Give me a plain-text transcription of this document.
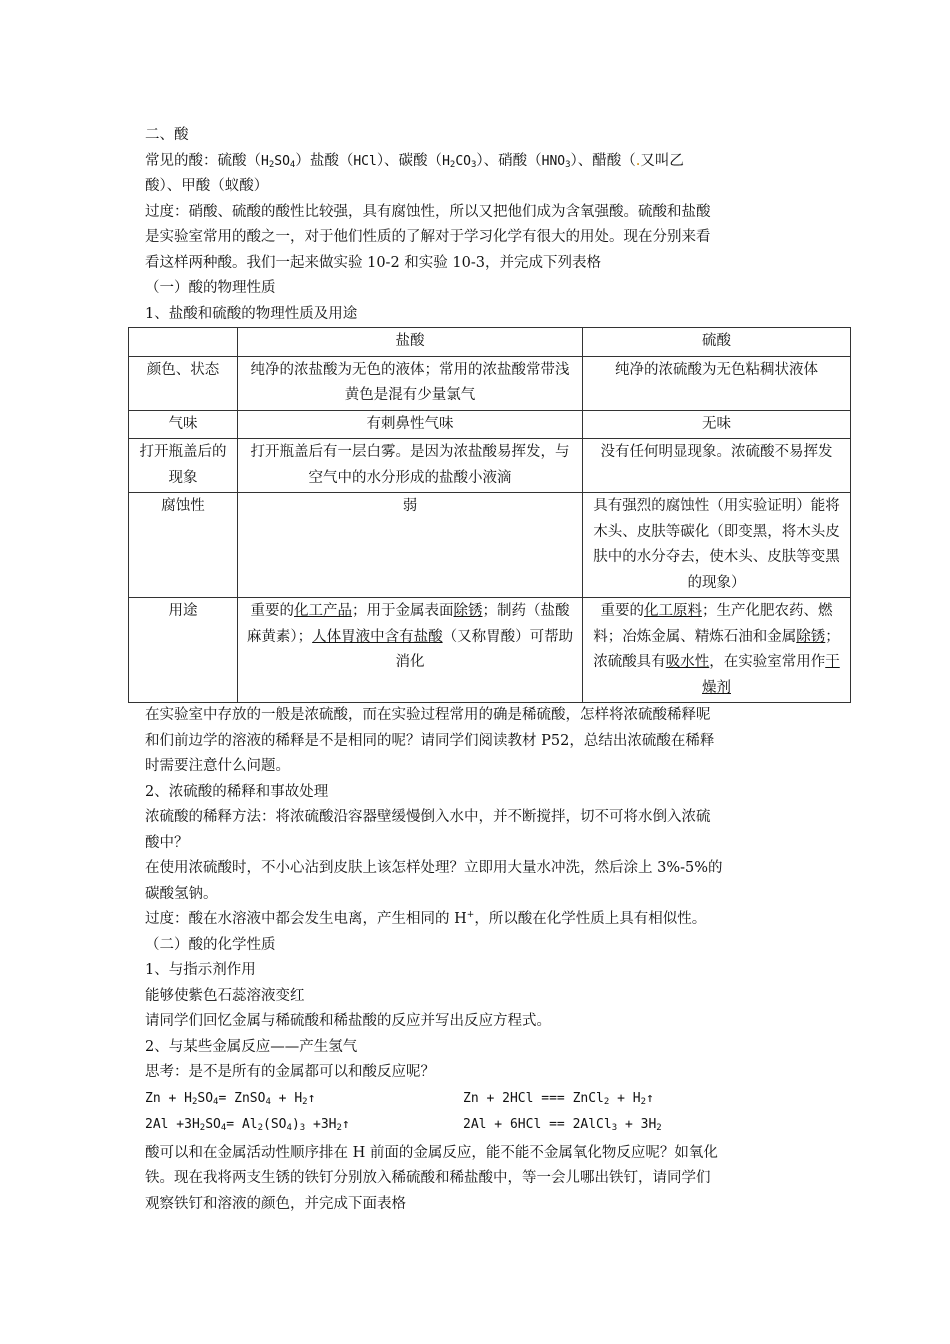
二、酸

常见的酸：硫酸$(H_2SO_4)$盐酸（HCl）、碳酸$(H_2CO_3)$、硝酸$(HNO_3)$、醋酸（.又叫乙

酸）、甲酸（蚁酸）

过度：硝酸、硫酸的酸性比较强，具有腐蚀性，所以又把他们成为含氧强酸。硫酸和盐酸

是实验室常用的酸之一，对于他们性质的了解对于学习化学有很大的用处。现在分别来看

看这样两种酸。我们一起来做实验 10-2 和实验 10-3，并完成下列表格

（一）酸的物理性质

1、盐酸和硫酸的物理性质及用途

	盐酸	硫酸
颜色、状态	纯净的浓盐酸为无色的液体；常用的浓盐酸常带浅黄色是混有少量氯气	纯净的浓硫酸为无色粘稠状液体
气味	有刺鼻性气味	无味
打开瓶盖后的现象	打开瓶盖后有一层白雾。是因为浓盐酸易挥发，与空气中的水分形成的盐酸小液滴	没有任何明显现象。浓硫酸不易挥发
腐蚀性	弱	具有强烈的腐蚀性（用实验证明）能将木头、皮肤等碳化（即变黑，将木头皮肤中的水分夺去，使木头、皮肤等变黑的现象）
用途	重要的化工产品；用于金属表面除锈；制药（盐酸麻黄素）；人体胃液中含有盐酸（又称胃酸）可帮助消化	重要的化工原料；生产化肥农药、燃料；冶炼金属、精炼石油和金属除锈；浓硫酸具有吸水性，在实验室常用作干燥剂

在实验室中存放的一般是浓硫酸，而在实验过程常用的确是稀硫酸，怎样将浓硫酸稀释呢

和们前边学的溶液的稀释是不是相同的呢？请同学们阅读教材 P52，总结出浓硫酸在稀释

时需要注意什么问题。

2、浓硫酸的稀释和事故处理

浓硫酸的稀释方法：将浓硫酸沿容器壁缓慢倒入水中，并不断搅拌，切不可将水倒入浓硫

酸中？

在使用浓硫酸时，不小心沾到皮肤上该怎样处理？立即用大量水冲洗，然后涂上 3%-5%的

碳酸氢钠。

过度：酸在水溶液中都会发生电离，产生相同的 H+，所以酸在化学性质上具有相似性。

（二）酸的化学性质

1、与指示剂作用

能够使紫色石蕊溶液变红

请同学们回忆金属与稀硫酸和稀盐酸的反应并写出反应方程式。

2、与某些金属反应——产生氢气

思考：是不是所有的金属都可以和酸反应呢？

$Zn + H_2SO_4=$ ZnSO$_4$ + $H_2↑$	Zn + 2HCl === ZnCl$_2$ + $H_2↑$
$2Al +3H_2SO_4= Al_2(SO_4)_3$ $+3H_2↑$	2Al + 6HCl == 2AlCl$_3$ + $3H_2$

酸可以和在金属活动性顺序排在 H 前面的金属反应，能不能不金属氧化物反应呢？如氧化

铁。现在我将两支生锈的铁钉分别放入稀硫酸和稀盐酸中，等一会儿哪出铁钉，请同学们

观察铁钉和溶液的颜色，并完成下面表格
